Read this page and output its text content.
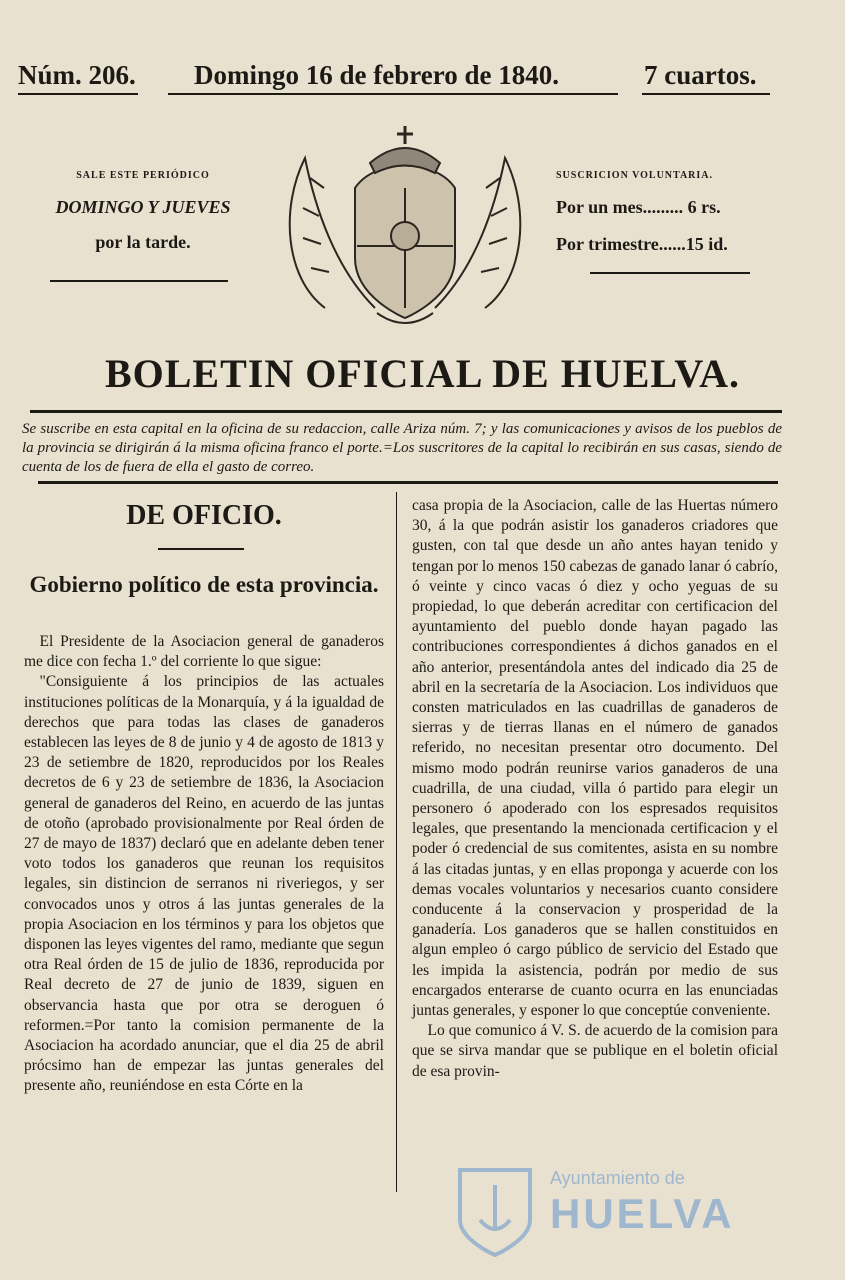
Núm. 206. Domingo 16 de febrero de 1840.	7 cuartos.
SALE ESTE PERIÓDICO
DOMINGO Y JUEVES
por la tarde.
SUSCRICION VOLUNTARIA.
Por un mes......... 6 rs.
Por trimestre......15 id.
BOLETIN OFICIAL DE HUELVA.
Se suscribe en esta capital en la oficina de su redaccion, calle Ariza núm. 7; y las comunicaciones y avisos de los pueblos de la provincia se dirigirán á la misma oficina franco el porte.=Los suscritores de la capital lo recibirán en sus casas, siendo de cuenta de los de fuera de ella el gasto de correo.
DE OFICIO.
Gobierno político de esta provincia.

El Presidente de la Asociacion general de ganaderos me dice con fecha 1.º del corriente lo que sigue:

"Consiguiente á los principios de las actuales instituciones políticas de la Monarquía, y á la igualdad de derechos que para todas las clases de ganaderos establecen las leyes de 8 de junio y 4 de agosto de 1813 y 23 de setiembre de 1820, reproducidos por los Reales decretos de 6 y 23 de setiembre de 1836, la Asociacion general de ganaderos del Reino, en acuerdo de las juntas de otoño (aprobado provisionalmente por Real órden de 27 de mayo de 1837) declaró que en adelante deben tener voto todos los ganaderos que reunan los requisitos legales, sin distincion de serranos ni riveriegos, y ser convocados unos y otros á las juntas generales de la propia Asociacion en los términos y para los objetos que disponen las leyes vigentes del ramo, mediante que segun otra Real órden de 15 de julio de 1836, reproducida por Real decreto de 27 de junio de 1839, siguen en observancia hasta que por otra se deroguen ó reformen.=Por tanto la comision permanente de la Asociacion ha acordado anunciar, que el dia 25 de abril prócsimo han de empezar las juntas generales del presente año, reuniéndose en esta Córte en la

casa propia de la Asociacion, calle de las Huertas número 30, á la que podrán asistir los ganaderos criadores que gusten, con tal que desde un año antes hayan tenido y tengan por lo menos 150 cabezas de ganado lanar ó cabrío, ó veinte y cinco vacas ó diez y ocho yeguas de su propiedad, lo que deberán acreditar con certificacion del ayuntamiento del pueblo donde hayan pagado las contribuciones correspondientes á dichos ganados en el año anterior, presentándola antes del indicado dia 25 de abril en la secretaría de la Asociacion. Los individuos que consten matriculados en las cuadrillas de ganaderos de sierras y de tierras llanas en el número de ganados referido, no necesitan presentar otro documento. Del mismo modo podrán reunirse varios ganaderos de una cuadrilla, de una ciudad, villa ó partido para elegir un personero ó apoderado con los espresados requisitos legales, que presentando la mencionada certificacion y el poder ó credencial de sus comitentes, asista en su nombre á las citadas juntas, y en ellas proponga y acuerde con los demas vocales voluntarios y necesarios cuanto considere conducente á la conservacion y prosperidad de la ganadería. Los ganaderos que se hallen constituidos en algun empleo ó cargo público de servicio del Estado que les impida la asistencia, podrán por medio de sus encargados enterarse de cuanto ocurra en las enunciadas juntas generales, y esponer lo que conceptúe conveniente.

Lo que comunico á V. S. de acuerdo de la comision para que se sirva mandar que se publique en el boletin oficial de esa provin-

Ayuntamiento de
HUELVA
